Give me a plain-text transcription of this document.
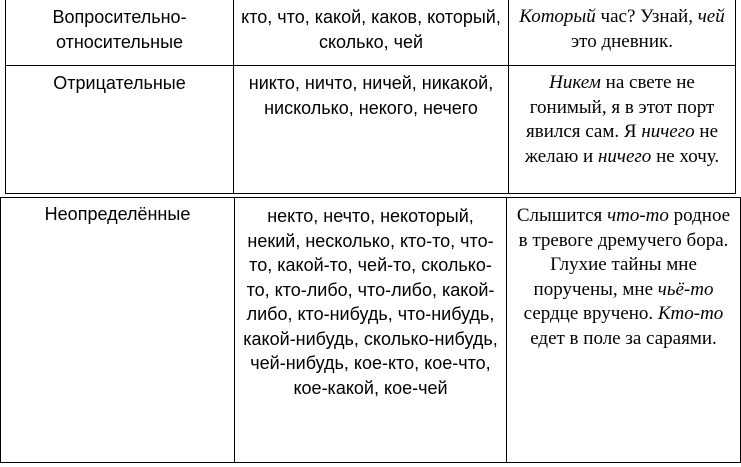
Вопросительно-относительные	кто, что, какой, каков, который, сколько, чей	Который час? Узнай, чей это дневник.
Отрицательные	никто, ничто, ничей, никакой, нисколько, некого, нечего	Никем на свете не гонимый, я в этот порт явился сам. Я ничего не желаю и ничего не хочу.
Неопределённые	некто, нечто, некоторый, некий, несколько, кто-то, что-то, какой-то, чей-то, сколько-то, кто-либо, что-либо, какой-либо, кто-нибудь, что-нибудь, какой-нибудь, сколько-нибудь, чей-нибудь, кое-кто, кое-что, кое-какой, кое-чей	Слышится что-то родное в тревоге дремучего бора. Глухие тайны мне поручены, мне чьё-то сердце вручено. Кто-то едет в поле за сараями.
